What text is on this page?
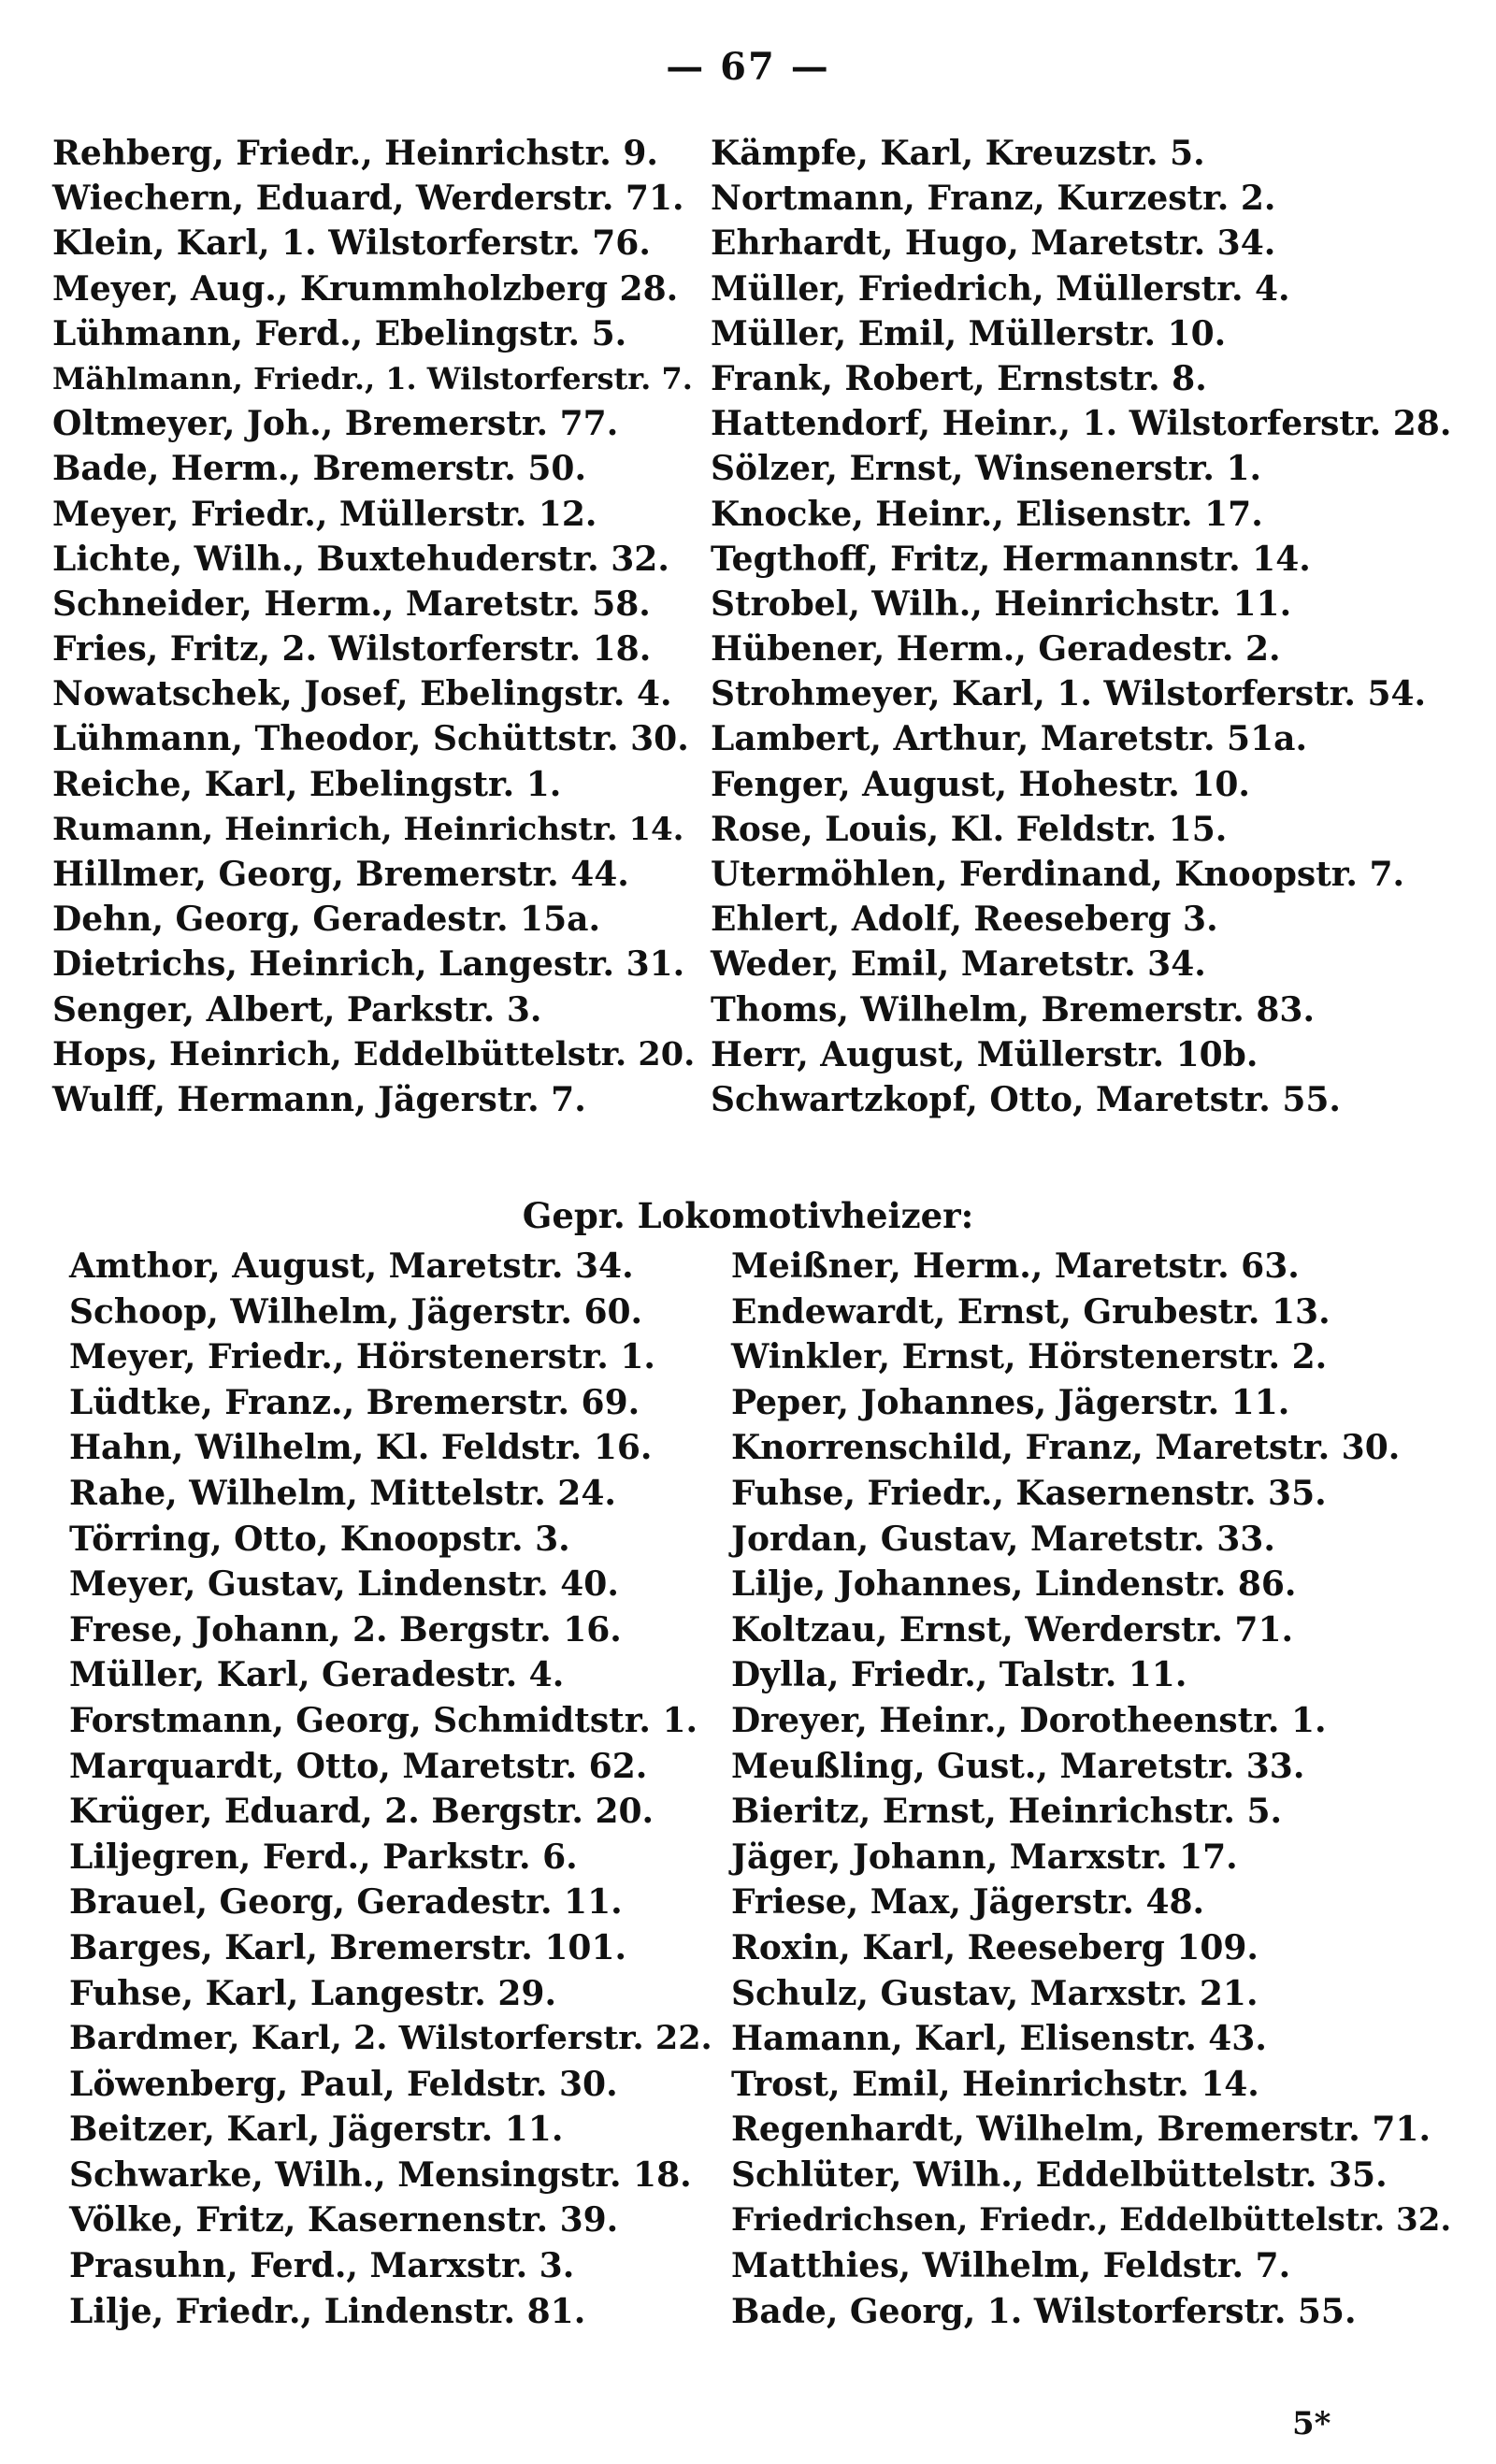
— 67 —
Rehberg, Friedr., Heinrichstr. 9. Kämpfe, Karl, Kreuzstr. 5.
Wiechern, Eduard, Werderstr. 71. Nortmann, Franz, Kurzestr. 2.
Klein, Karl, 1. Wilstorferstr. 76. Ehrhardt, Hugo, Maretstr. 34.
Meyer, Aug., Krummholzberg 28. Müller, Friedrich, Müllerstr. 4.
Lühmann, Ferd., Ebelingstr. 5. Müller, Emil, Müllerstr. 10.
Mählmann, Friedr., 1. Wilstorferstr. 7. Frank, Robert, Ernststr. 8.
Oltmeyer, Joh., Bremerstr. 77.	Hattendorf, Heinr., 1. Wilstorferstr. 28.
Bade, Herm., Bremerstr. 50.	Sölzer, Ernst, Winsenerstr. 1.
Meyer, Friedr., Müllerstr. 12.	Knocke, Heinr., Elisenstr. 17.
Lichte, Wilh., Buxtehuderstr. 32. Tegthoff, Fritz, Hermannstr. 14.
Schneider, Herm., Maretstr. 58. Strobel, Wilh., Heinrichstr. 11.
Fries, Fritz, 2. Wilstorferstr. 18. Hübener, Herm., Geradestr. 2.
Nowatschek, Josef, Ebelingstr. 4. Strohmeyer, Karl, 1. Wilstorferstr. 54.
Lühmann, Theodor, Schüttstr. 30. Lambert, Arthur, Maretstr. 51a.
Reiche, Karl, Ebelingstr. 1.	Fenger, August, Hohestr. 10.
Rumann, Heinrich, Heinrichstr. 14. Rose, Louis, Kl. Feldstr. 15.
Hillmer, Georg, Bremerstr. 44. Utermöhlen, Ferdinand, Knoopstr. 7.
Dehn, Georg, Geradestr. 15a.	Ehlert, Adolf, Reeseberg 3.
Dietrichs, Heinrich, Langestr. 31. Weder, Emil, Maretstr. 34.
Senger, Albert, Parkstr. 3.	Thoms, Wilhelm, Bremerstr. 83.
Hops, Heinrich, Eddelbüttelstr. 20. Herr, August, Müllerstr. 10b.
Wulff, Hermann, Jägerstr. 7.	Schwartzkopf, Otto, Maretstr. 55.
Gepr. Lokomotivheizer:
Amthor, August, Maretstr. 34.	Meißner, Herm., Maretstr. 63.
Schoop, Wilhelm, Jägerstr. 60.	Endewardt, Ernst, Grubestr. 13.
Meyer, Friedr., Hörstenerstr. 1. Winkler, Ernst, Hörstenerstr. 2.
Lüdtke, Franz., Bremerstr. 69.	Peper, Johannes, Jägerstr. 11.
Hahn, Wilhelm, Kl. Feldstr. 16. Knorrenschild, Franz, Maretstr. 30.
Rahe, Wilhelm, Mittelstr. 24.	Fuhse, Friedr., Kasernenstr. 35.
Törring, Otto, Knoopstr. 3.	Jordan, Gustav, Maretstr. 33.
Meyer, Gustav, Lindenstr. 40.	Lilje, Johannes, Lindenstr. 86.
Frese, Johann, 2. Bergstr. 16.	Koltzau, Ernst, Werderstr. 71.
Müller, Karl, Geradestr. 4.	Dylla, Friedr., Talstr. 11.
Forstmann, Georg, Schmidtstr. 1. Dreyer, Heinr., Dorotheenstr. 1.
Marquardt, Otto, Maretstr. 62. Meußling, Gust., Maretstr. 33.
Krüger, Eduard, 2. Bergstr. 20. Bieritz, Ernst, Heinrichstr. 5.
Liljegren, Ferd., Parkstr. 6.	Jäger, Johann, Marxstr. 17.
Brauel, Georg, Geradestr. 11.	Friese, Max, Jägerstr. 48.
Barges, Karl, Bremerstr. 101.	Roxin, Karl, Reeseberg 109.
Fuhse, Karl, Langestr. 29.	Schulz, Gustav, Marxstr. 21.
Bardmer, Karl, 2. Wilstorferstr. 22. Hamann, Karl, Elisenstr. 43.
Löwenberg, Paul, Feldstr. 30.	Trost, Emil, Heinrichstr. 14.
Beitzer, Karl, Jägerstr. 11.	Regenhardt, Wilhelm, Bremerstr. 71.
Schwarke, Wilh., Mensingstr. 18. Schlüter, Wilh., Eddelbüttelstr. 35.
Völke, Fritz, Kasernenstr. 39.	Friedrichsen, Friedr., Eddelbüttelstr. 32.
Prasuhn, Ferd., Marxstr. 3.	Matthies, Wilhelm, Feldstr. 7.
Lilje, Friedr., Lindenstr. 81.	Bade, Georg, 1. Wilstorferstr. 55.
5*
